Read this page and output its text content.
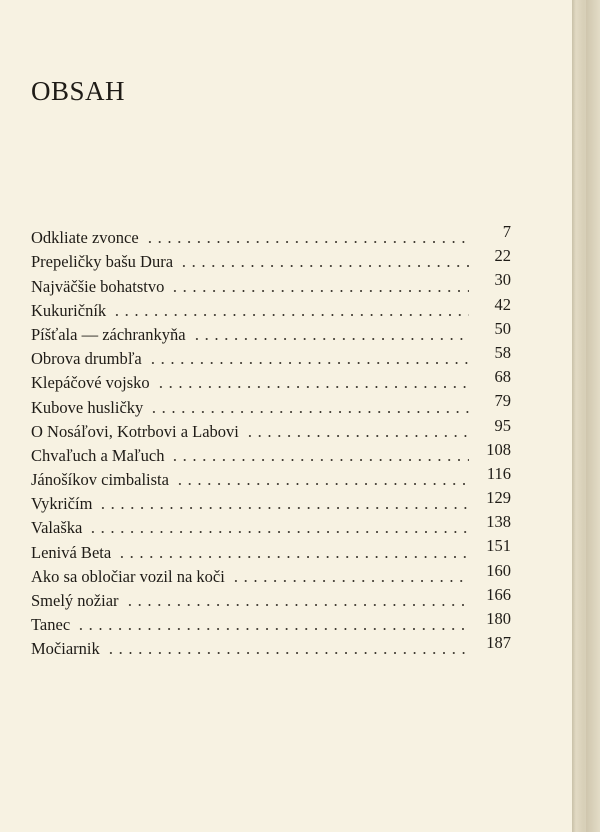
OBSAH
Odkliate zvonce	7
Prepeličky bašu Dura	22
Najväčšie bohatstvo	30
Kukuričník	42
Píšťala — záchrankyňa	50
Obrova drumbľa	58
Klepáčové vojsko	68
Kubove husličky	79
O Nosáľovi, Kotrbovi a Labovi	95
Chvaľuch a Maľuch	108
Jánošíkov cimbalista	116
Vykričím	129
Valaška	138
Lenivá Beta	151
Ako sa obločiar vozil na koči	160
Smelý nožiar	166
Tanec	180
Močiarnik	187
